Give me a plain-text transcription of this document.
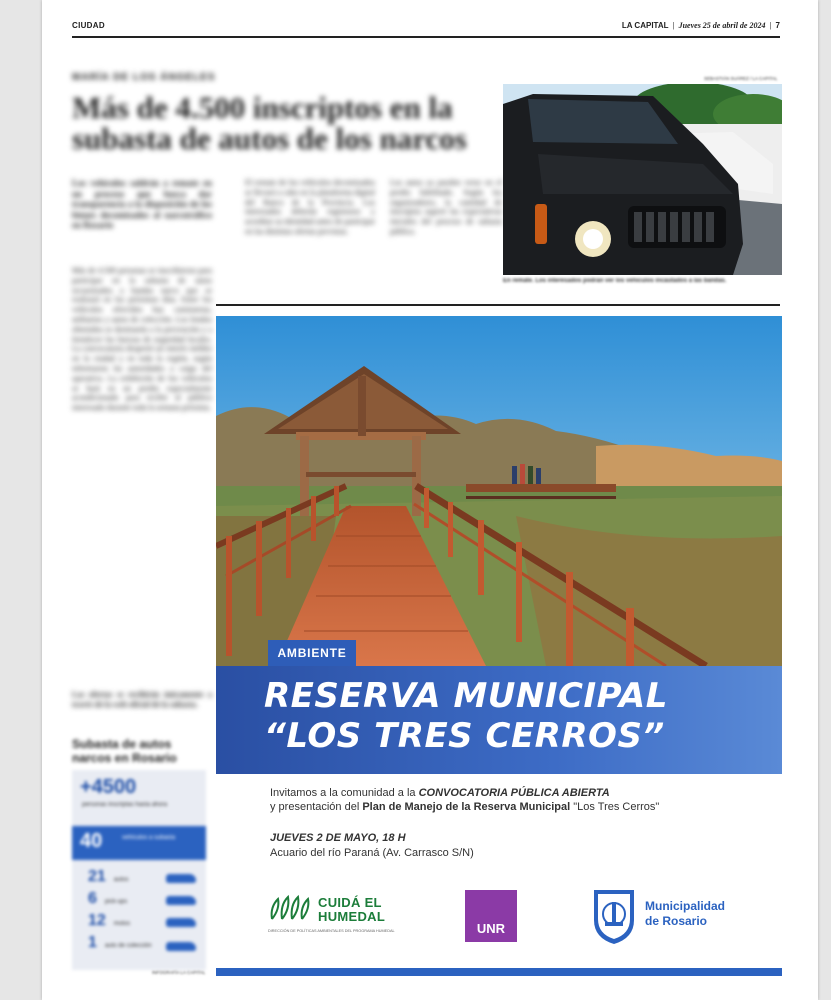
CIUDAD	LA CAPITAL | Jueves 25 de abril de 2024 | 7
MARÍA DE LOS ÁNGELES
Más de 4.500 inscriptos en la subasta de autos de los narcos
Los vehículos saldrán a remate en un proceso que busca dar transparencia a la disposición de los bienes decomisados al narcotráfico en Rosario
El remate de los vehículos decomisados se llevará a cabo en la plataforma digital del Banco de la Provincia. Los interesados deberán registrarse y acreditar su identidad antes de participar en las distintas ofertas previstas.
Los autos ya pueden verse en el predio habilitado. Según los organizadores, la cantidad de inscriptos superó las expectativas iniciales del proceso de subasta pública.
Más de 4.500 personas se inscribieron para participar en la subasta de autos secuestrados a bandas narco que se realizará en los próximos días. Entre los vehículos ofrecidos hay camionetas, utilitarios y autos de colección. Los fondos obtenidos se destinarán a la prevención y a fortalecer las fuerzas de seguridad locales. La convocatoria despertó un interés inédito en la ciudad y en toda la región, según informaron las autoridades a cargo del operativo. La exhibición de los vehículos se hará en un predio especialmente acondicionado para recibir al público interesado durante toda la semana próxima.
Las ofertas se recibirán únicamente a través de la web oficial de la subasta.
SEBASTIÁN SUÁREZ / LA CAPITAL
En remate. Los interesados podrán ver los vehículos incautados a las bandas.
Subasta de autos narcos en Rosario
+4500
personas inscriptas hasta ahora
40	vehículos a subasta
21 autos
6 pick-ups
12 motos
1 auto de colección
INFOGRAFÍA LA CAPITAL
AMBIENTE
RESERVA MUNICIPAL
“LOS TRES CERROS”
Invitamos a la comunidad a la CONVOCATORIA PÚBLICA ABIERTA
y presentación del Plan de Manejo de la Reserva Municipal "Los Tres Cerros"
JUEVES 2 DE MAYO, 18 H
Acuario del río Paraná (Av. Carrasco S/N)
CUIDÁ EL
HUMEDAL
DIRECCIÓN DE POLÍTICAS AMBIENTALES DEL PROGRAMA HUMEDAL	UNR
Municipalidad
de Rosario
